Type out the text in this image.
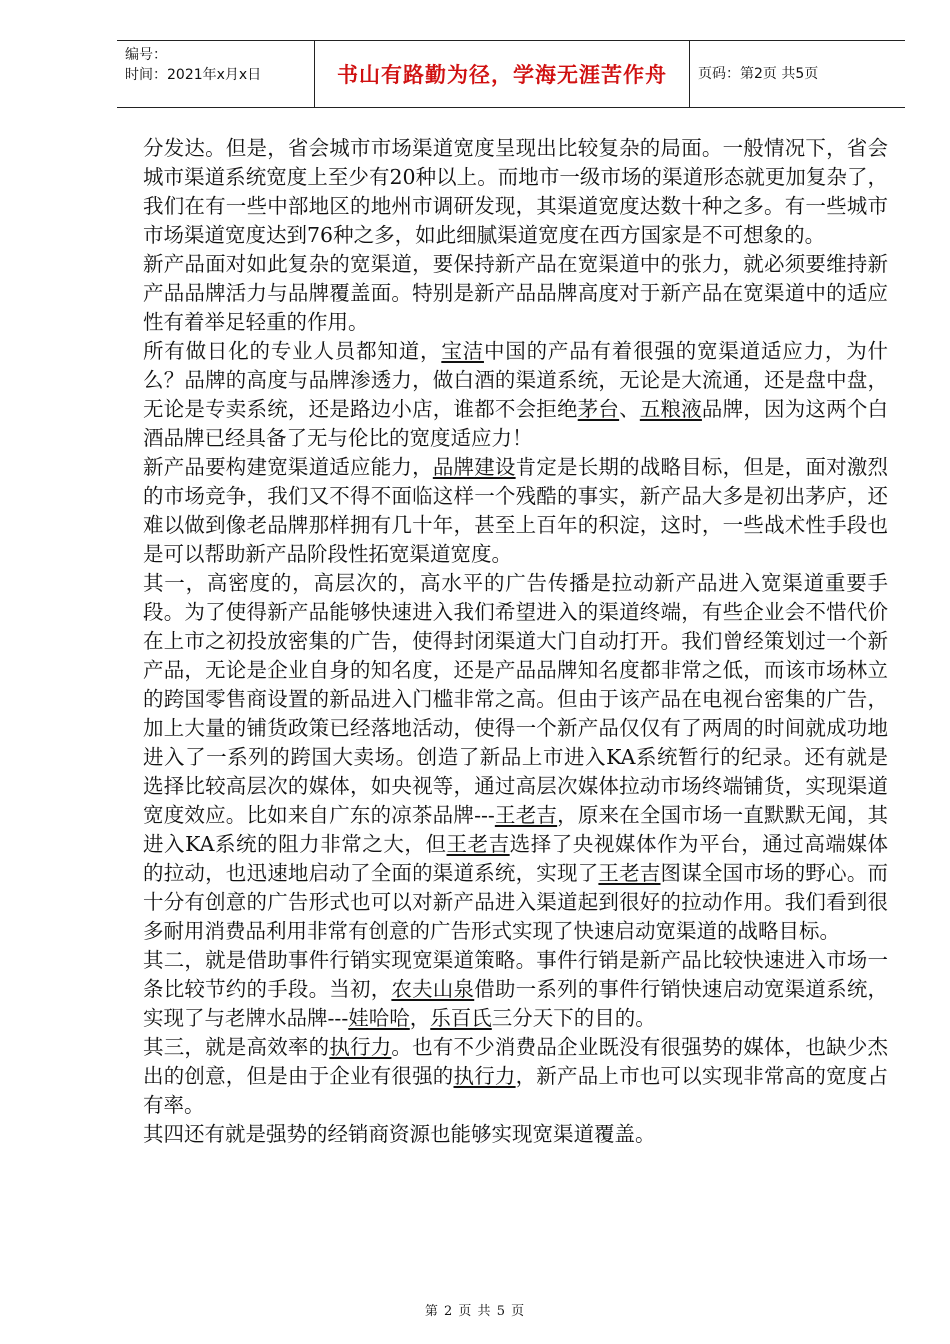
编号：
时间：2021年x月x日	书山有路勤为径，学海无涯苦作舟 页码：第2页 共5页

分发达。但是，省会城市市场渠道宽度呈现出比较复杂的局面。一般情况下，省会城市渠道系统宽度上至少有20种以上。而地市一级市场的渠道形态就更加复杂了，我们在有一些中部地区的地州市调研发现，其渠道宽度达数十种之多。有一些城市市场渠道宽度达到76种之多，如此细腻渠道宽度在西方国家是不可想象的。

新产品面对如此复杂的宽渠道，要保持新产品在宽渠道中的张力，就必须要维持新产品品牌活力与品牌覆盖面。特别是新产品品牌高度对于新产品在宽渠道中的适应性有着举足轻重的作用。

所有做日化的专业人员都知道，宝洁中国的产品有着很强的宽渠道适应力，为什么？品牌的高度与品牌渗透力，做白酒的渠道系统，无论是大流通，还是盘中盘，无论是专卖系统，还是路边小店，谁都不会拒绝茅台、五粮液品牌，因为这两个白酒品牌已经具备了无与伦比的宽度适应力！

新产品要构建宽渠道适应能力，品牌建设肯定是长期的战略目标，但是，面对激烈的市场竞争，我们又不得不面临这样一个残酷的事实，新产品大多是初出茅庐，还难以做到像老品牌那样拥有几十年，甚至上百年的积淀，这时，一些战术性手段也是可以帮助新产品阶段性拓宽渠道宽度。

其一，高密度的，高层次的，高水平的广告传播是拉动新产品进入宽渠道重要手段。为了使得新产品能够快速进入我们希望进入的渠道终端，有些企业会不惜代价在上市之初投放密集的广告，使得封闭渠道大门自动打开。我们曾经策划过一个新产品，无论是企业自身的知名度，还是产品品牌知名度都非常之低，而该市场林立的跨国零售商设置的新品进入门槛非常之高。但由于该产品在电视台密集的广告，加上大量的铺货政策已经落地活动，使得一个新产品仅仅有了两周的时间就成功地进入了一系列的跨国大卖场。创造了新品上市进入KA系统暂行的纪录。还有就是选择比较高层次的媒体，如央视等，通过高层次媒体拉动市场终端铺货，实现渠道宽度效应。比如来自广东的凉茶品牌---王老吉，原来在全国市场一直默默无闻，其进入KA系统的阻力非常之大，但王老吉选择了央视媒体作为平台，通过高端媒体的拉动，也迅速地启动了全面的渠道系统，实现了王老吉图谋全国市场的野心。而十分有创意的广告形式也可以对新产品进入渠道起到很好的拉动作用。我们看到很多耐用消费品利用非常有创意的广告形式实现了快速启动宽渠道的战略目标。

其二，就是借助事件行销实现宽渠道策略。事件行销是新产品比较快速进入市场一条比较节约的手段。当初，农夫山泉借助一系列的事件行销快速启动宽渠道系统，实现了与老牌水品牌---娃哈哈，乐百氏三分天下的目的。

其三，就是高效率的执行力。也有不少消费品企业既没有很强势的媒体，也缺少杰出的创意，但是由于企业有很强的执行力，新产品上市也可以实现非常高的宽度占有率。

其四还有就是强势的经销商资源也能够实现宽渠道覆盖。

第 2 页 共 5 页
